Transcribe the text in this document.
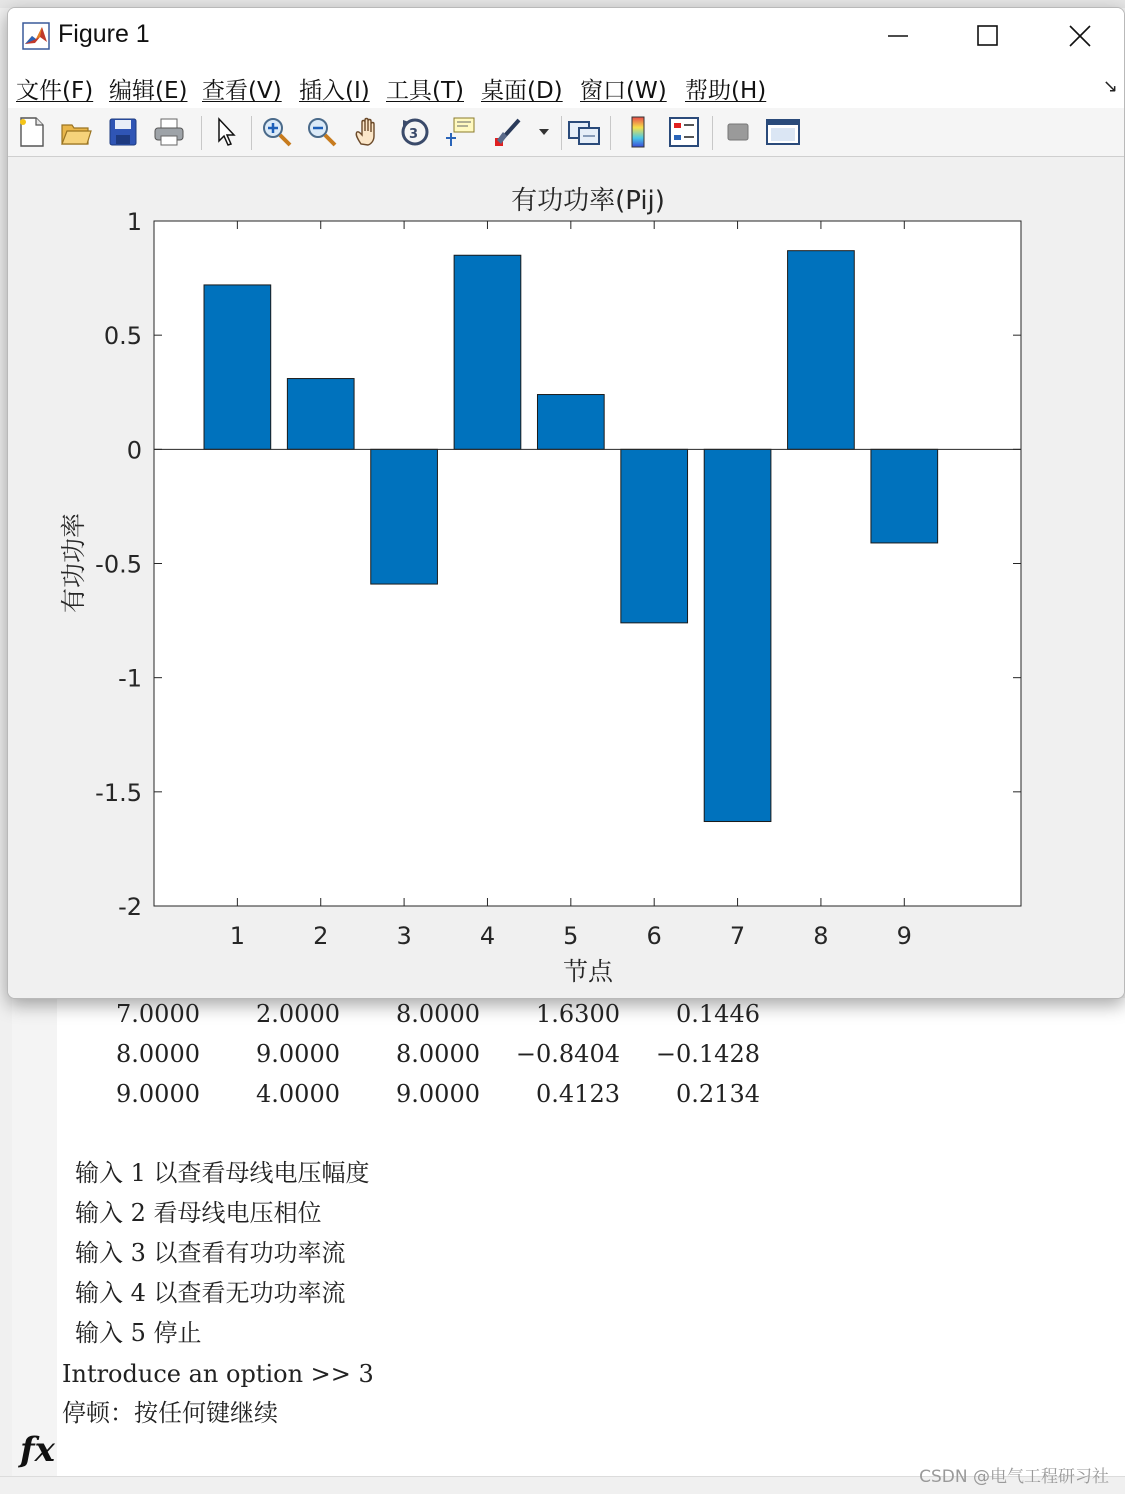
fx
CSDN @电气工程研习社
Figure 1
文件(F) 编辑(E) 查看(V) 插入(I) 工具(T) 桌面(D) 窗口(W) 帮助(H)	↘
3
有功功率(Pij)
1	2	3	4	5	6	7	8	9
1
0.5
0
-0.5
-1
-1.5
-2
节点
有功功率
7.0000	2.0000	8.0000	1.6300	0.1446
8.0000	9.0000	8.0000	−0.8404	−0.1428
9.0000	4.0000	9.0000	0.4123	0.2134
输入 1 以查看母线电压幅度
输入 2 看母线电压相位
输入 3 以查看有功功率流
输入 4 以查看无功功率流
输入 5 停止
Introduce an option >> 3
停顿：按任何键继续
